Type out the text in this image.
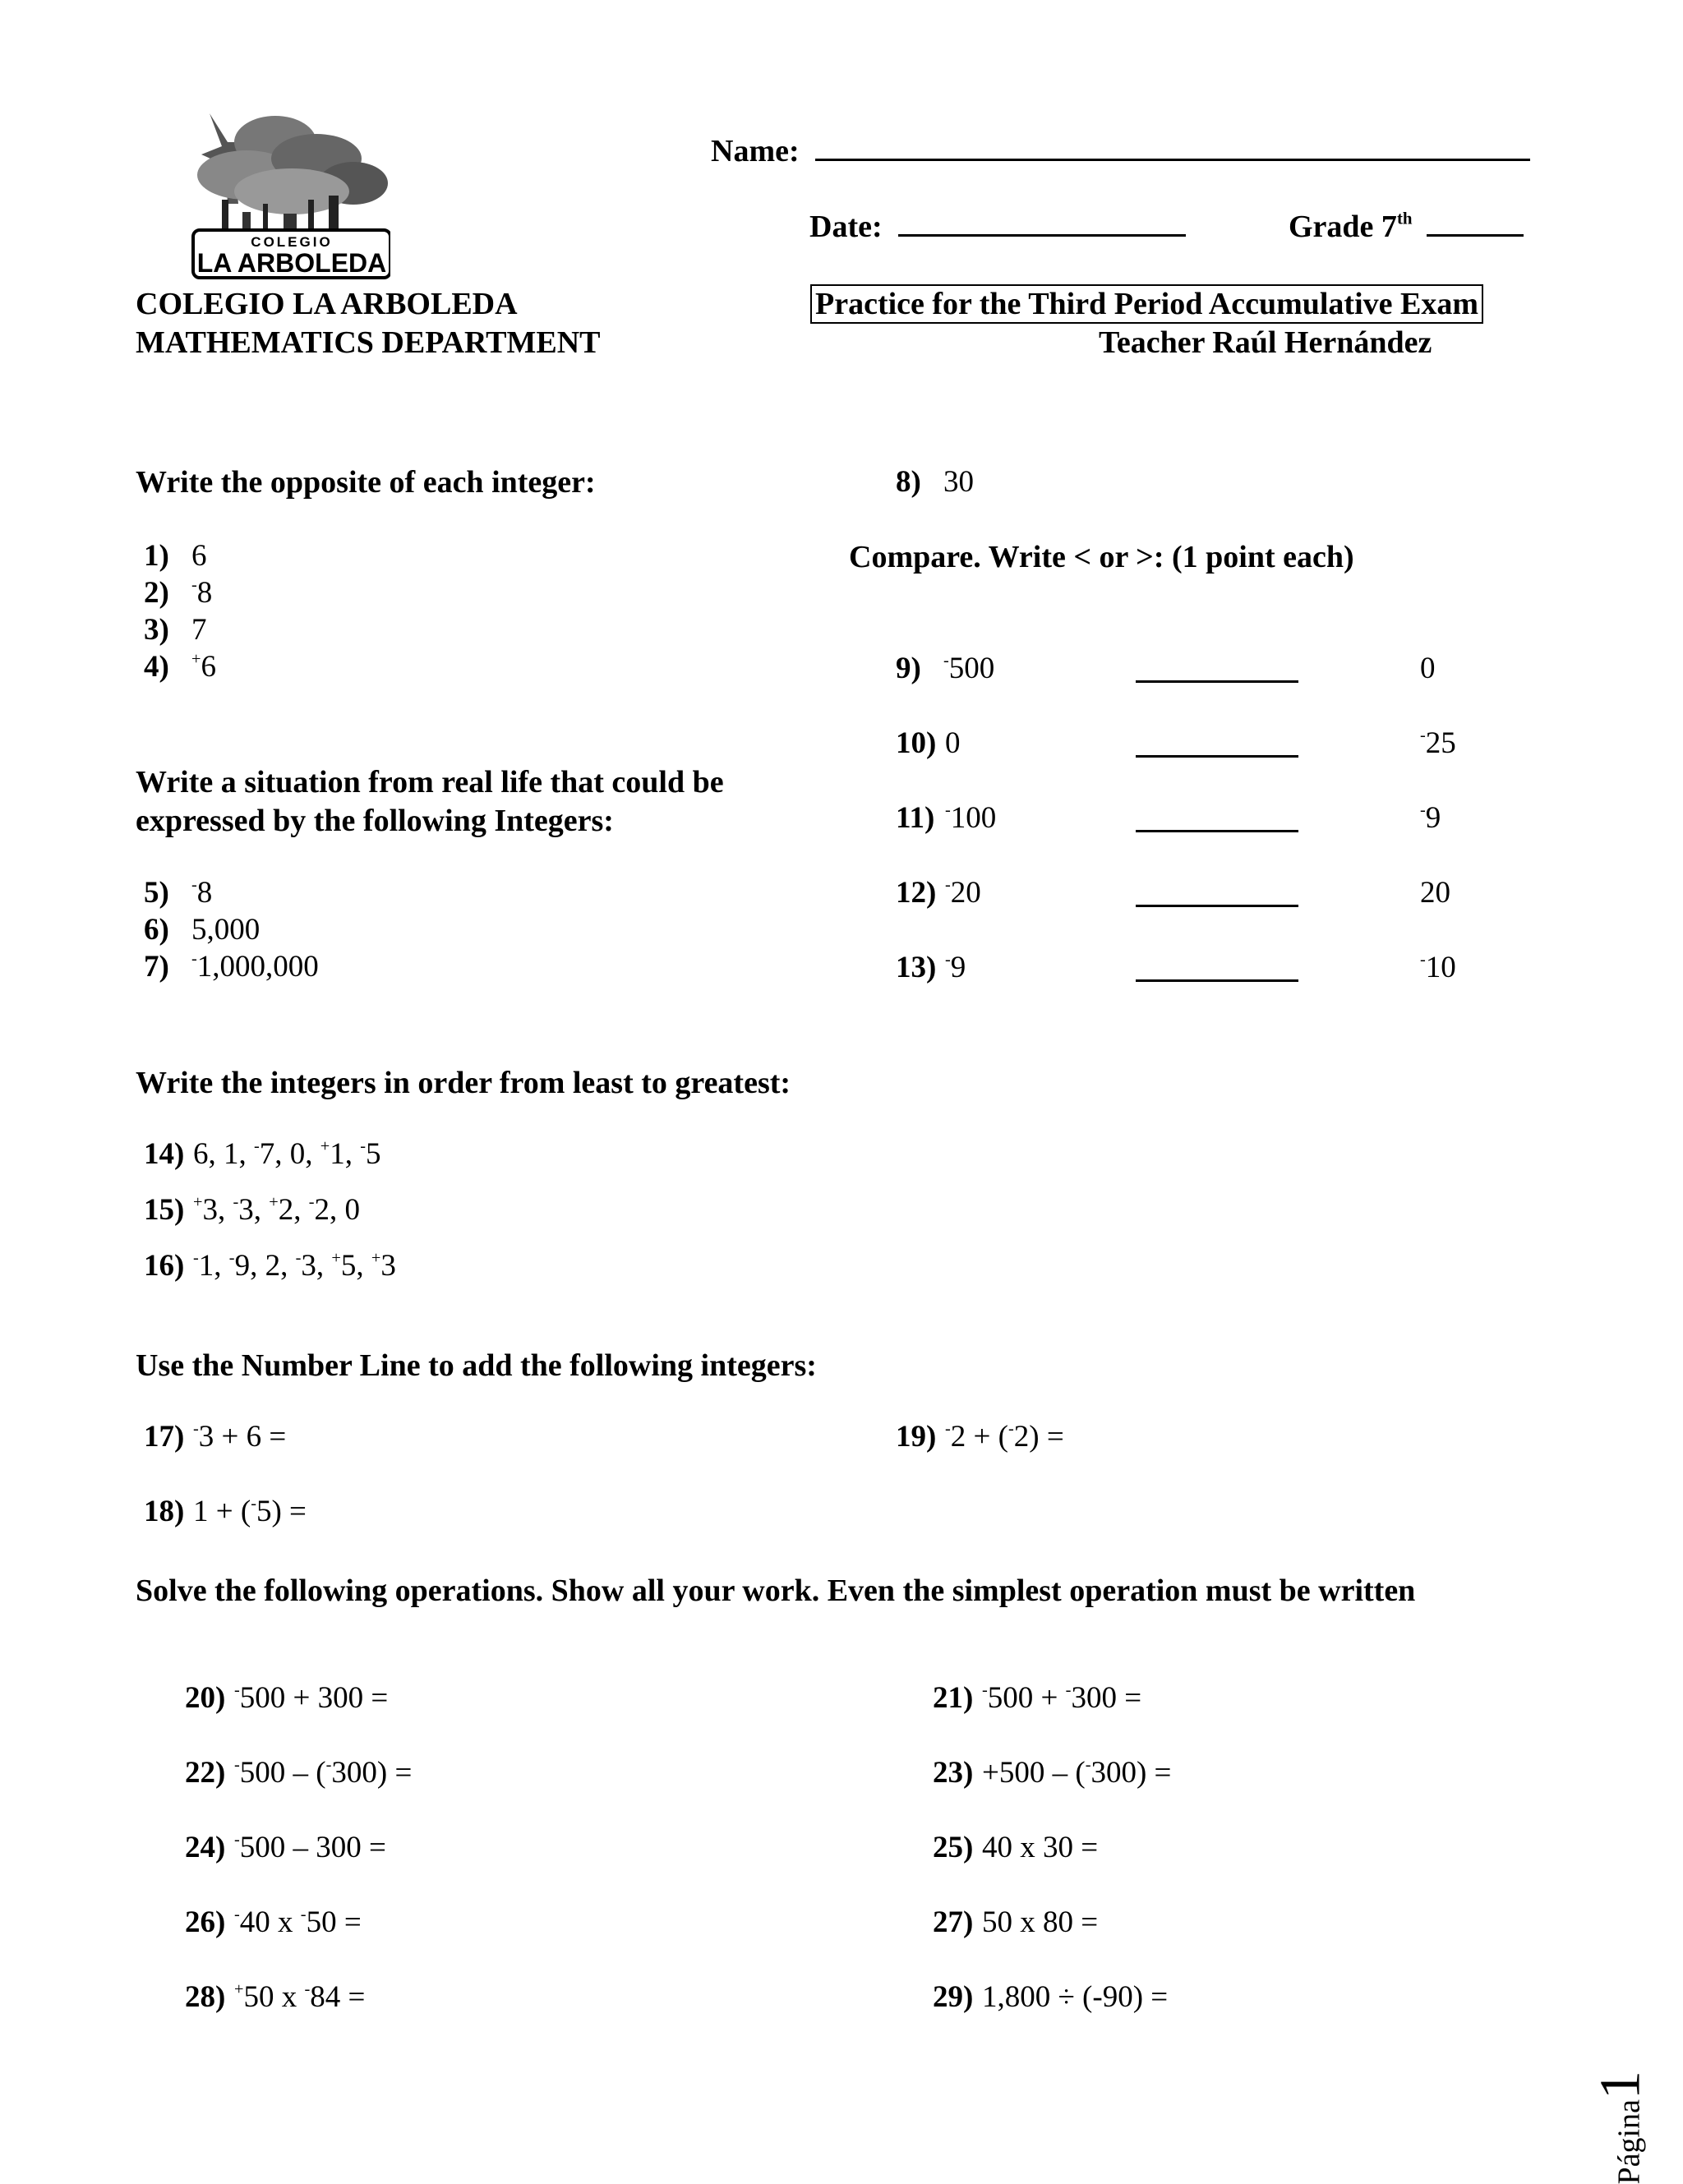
COLEGIO
LA ARBOLEDA
COLEGIO LA ARBOLEDA
MATHEMATICS DEPARTMENT
Name:
Date:	Grade 7th
Practice for the Third Period Accumulative Exam
Teacher Raúl Hernández
Write the opposite of each integer:
1) 6
2) -8
3) 7
4) +6
8) 30
Write a situation from real life that could be
expressed by the following Integers:
5) -8
6) 5,000
7) -1,000,000
Compare. Write < or >: (1 point each)
9) -500	0
10) 0	-25
11) -100	-9
12) -20	20
13) -9	-10
Write the integers in order from least to greatest:
14) 6, 1, -7, 0, +1, -5
15) +3, -3, +2, -2, 0
16) -1, -9, 2, -3, +5, +3
Use the Number Line to add the following integers:
17) -3 + 6 =
18) 1 + (-5) =
19) -2 + (-2) =
Solve the following operations. Show all your work. Even the simplest operation must be written
20) -500 + 300 =	21) -500 + -300 =
22) -500 – (-300) =	23) +500 – (-300) =
24) -500 – 300 =	25) 40 x 30 =
26) -40 x -50 =	27) 50 x 80 =
28) +50 x -84 =	29) 1,800 ÷ (-90) =
Página1
